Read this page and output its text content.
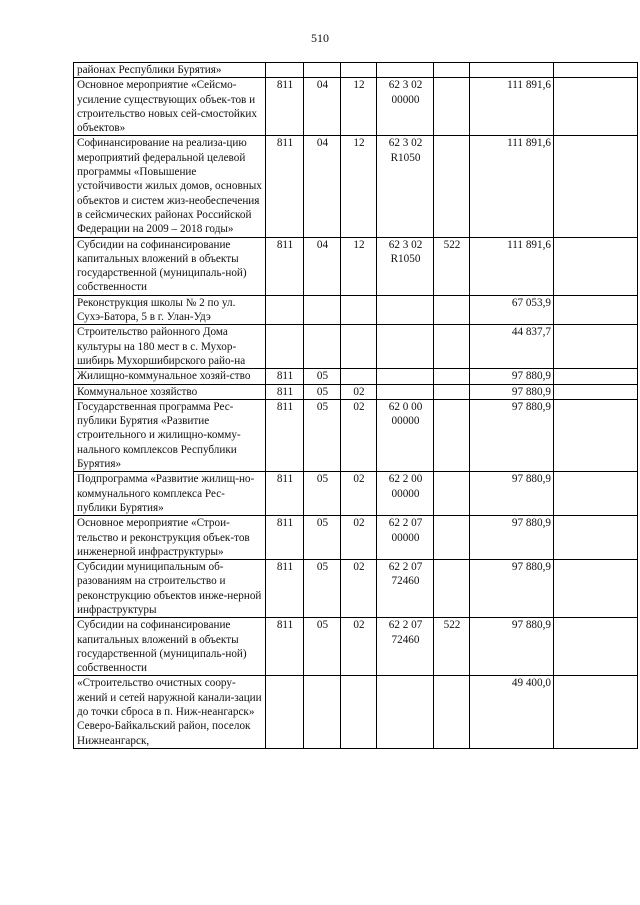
510
районах Республики Бурятия»							
Основное мероприятие «Сейсмо-усиление существующих объек-тов и строительство новых сей-смостойких объектов»	811	04	12	62 3 02 00000		111 891,6	
Софинансирование на реализа-цию мероприятий федеральной целевой программы «Повышение устойчивости жилых домов, основных объектов и систем жиз-необеспечения в сейсмических районах Российской Федерации на 2009 – 2018 годы»	811	04	12	62 3 02 R1050		111 891,6	
Субсидии на софинансирование капитальных вложений в объекты государственной (муниципаль-ной) собственности	811	04	12	62 3 02 R1050	522	111 891,6	
Реконструкция школы № 2 по ул. Сухэ-Батора, 5 в г. Улан-Удэ						67 053,9	
Строительство районного Дома культуры на 180 мест в с. Мухор-шибирь Мухоршибирского райо-на						44 837,7	
Жилищно-коммунальное хозяй-ство	811	05				97 880,9	
Коммунальное хозяйство	811	05	02			97 880,9	
Государственная программа Рес-публики Бурятия «Развитие строительного и жилищно-комму-нального комплексов Республики Бурятия»	811	05	02	62 0 00 00000		97 880,9	
Подпрограмма «Развитие жилищ-но-коммунального комплекса Рес-публики Бурятия»	811	05	02	62 2 00 00000		97 880,9	
Основное мероприятие «Строи-тельство и реконструкция объек-тов инженерной инфраструктуры»	811	05	02	62 2 07 00000		97 880,9	
Субсидии муниципальным об-разованиям на строительство и реконструкцию объектов инже-нерной инфраструктуры	811	05	02	62 2 07 72460		97 880,9	
Субсидии на софинансирование капитальных вложений в объекты государственной (муниципаль-ной) собственности	811	05	02	62 2 07 72460	522	97 880,9	
«Строительство очистных соору-жений и сетей наружной канали-зации до точки сброса в п. Ниж-неангарск» Северо-Байкальский район, поселок Нижнеангарск,						49 400,0	
